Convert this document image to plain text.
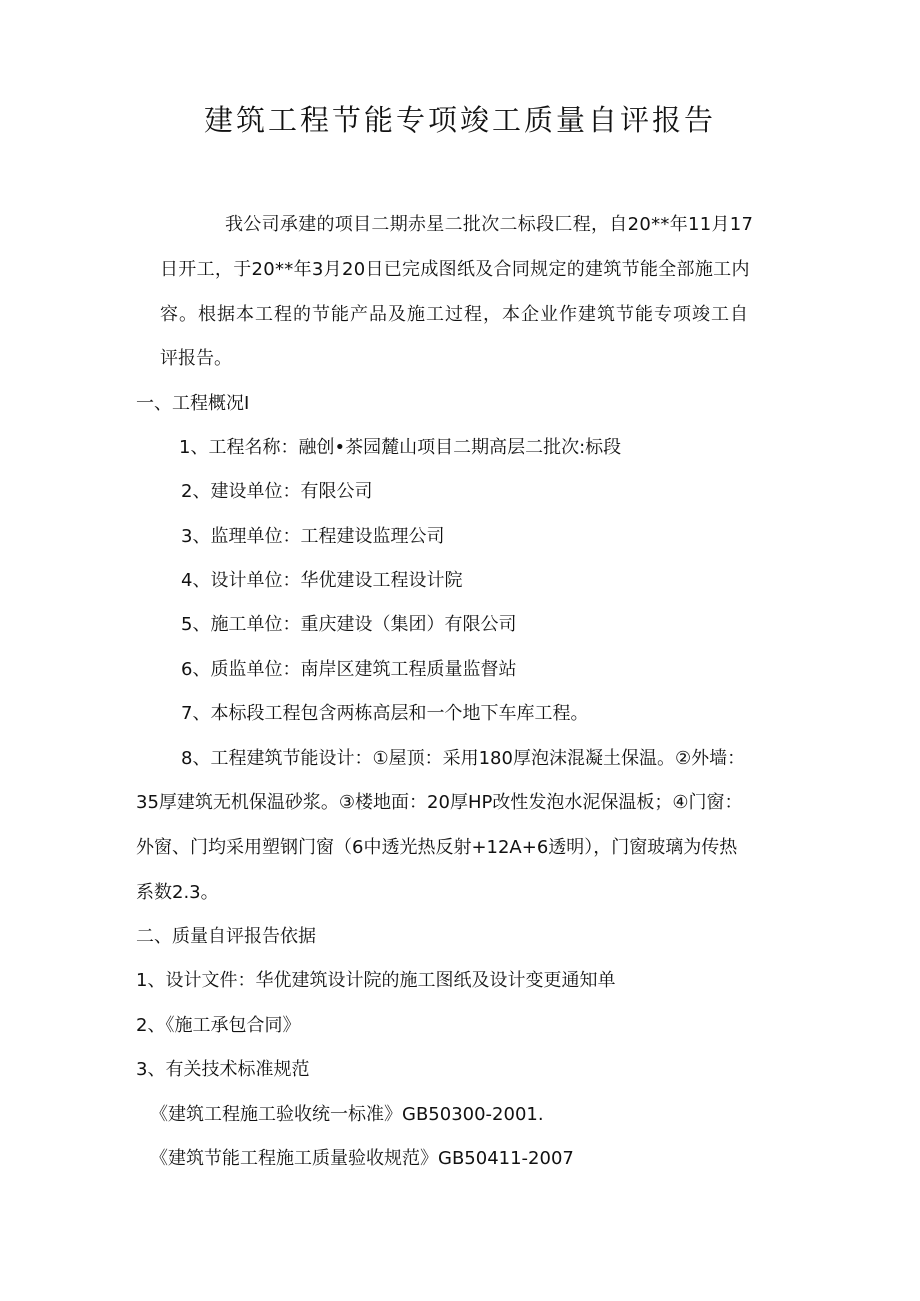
建筑工程节能专项竣工质量自评报告
我公司承建的项目二期赤星二批次二标段匚程，自20**年11月17
日开工，于20**年3月20日已完成图纸及合同规定的建筑节能全部施工内
容。根据本工程的节能产品及施工过程，本企业作建筑节能专项竣工自
评报告。
一、工程概况I
1、工程名称：融创•茶园麓山项目二期高层二批次:标段
2、建设单位：有限公司
3、监理单位：工程建设监理公司
4、设计单位：华优建设工程设计院
5、施工单位：重庆建设（集团）有限公司
6、质监单位：南岸区建筑工程质量监督站
7、本标段工程包含两栋高层和一个地下车库工程。
8、工程建筑节能设计：①屋顶：采用180厚泡沫混凝土保温。②外墙：
35厚建筑无机保温砂浆。③楼地面：20厚HP改性发泡水泥保温板；④门窗：
外窗、门均采用塑钢门窗（6中透光热反射+12A+6透明），门窗玻璃为传热
系数2.3。
二、质量自评报告依据
1、设计文件：华优建筑设计院的施工图纸及设计变更通知单
2、《施工承包合同》
3、有关技术标准规范
《建筑工程施工验收统一标准》GB50300-2001.
《建筑节能工程施工质量验收规范》GB50411-2007
